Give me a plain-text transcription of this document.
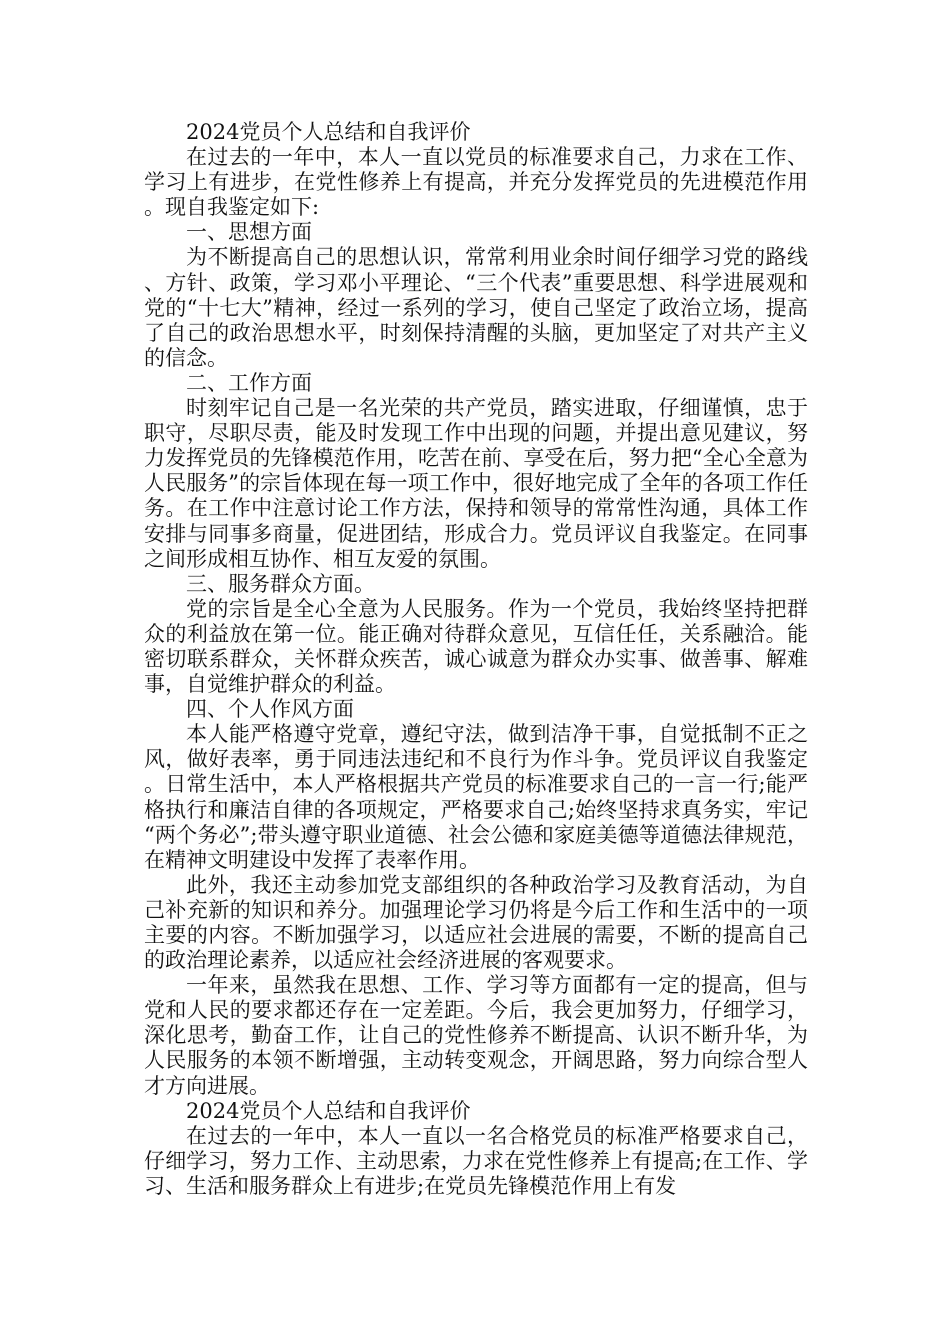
2024党员个人总结和自我评价

在过去的一年中，本人一直以党员的标准要求自己，力求在工作、学习上有进步，在党性修养上有提高，并充分发挥党员的先进模范作用。现自我鉴定如下:

一、思想方面

为不断提高自己的思想认识，常常利用业余时间仔细学习党的路线、方针、政策，学习邓小平理论、“三个代表”重要思想、科学进展观和党的“十七大”精神，经过一系列的学习，使自己坚定了政治立场，提高了自己的政治思想水平，时刻保持清醒的头脑，更加坚定了对共产主义的信念。

二、工作方面

时刻牢记自己是一名光荣的共产党员，踏实进取，仔细谨慎，忠于职守，尽职尽责，能及时发现工作中出现的问题，并提出意见建议，努力发挥党员的先锋模范作用，吃苦在前、享受在后，努力把“全心全意为人民服务”的宗旨体现在每一项工作中，很好地完成了全年的各项工作任务。在工作中注意讨论工作方法，保持和领导的常常性沟通，具体工作安排与同事多商量，促进团结，形成合力。党员评议自我鉴定。在同事之间形成相互协作、相互友爱的氛围。

三、服务群众方面。

党的宗旨是全心全意为人民服务。作为一个党员，我始终坚持把群众的利益放在第一位。能正确对待群众意见，互信任任，关系融洽。能密切联系群众，关怀群众疾苦，诚心诚意为群众办实事、做善事、解难事，自觉维护群众的利益。

四、个人作风方面

本人能严格遵守党章，遵纪守法，做到洁净干事，自觉抵制不正之风，做好表率，勇于同违法违纪和不良行为作斗争。党员评议自我鉴定。日常生活中，本人严格根据共产党员的标准要求自己的一言一行;能严格执行和廉洁自律的各项规定，严格要求自己;始终坚持求真务实，牢记“两个务必”;带头遵守职业道德、社会公德和家庭美德等道德法律规范，在精神文明建设中发挥了表率作用。

此外，我还主动参加党支部组织的各种政治学习及教育活动，为自己补充新的知识和养分。加强理论学习仍将是今后工作和生活中的一项主要的内容。不断加强学习，以适应社会进展的需要，不断的提高自己的政治理论素养，以适应社会经济进展的客观要求。

一年来，虽然我在思想、工作、学习等方面都有一定的提高，但与党和人民的要求都还存在一定差距。今后，我会更加努力，仔细学习，深化思考，勤奋工作，让自己的党性修养不断提高、认识不断升华，为人民服务的本领不断增强，主动转变观念，开阔思路，努力向综合型人才方向进展。

2024党员个人总结和自我评价

在过去的一年中，本人一直以一名合格党员的标准严格要求自己，仔细学习，努力工作、主动思索，力求在党性修养上有提高;在工作、学习、生活和服务群众上有进步;在党员先锋模范作用上有发
